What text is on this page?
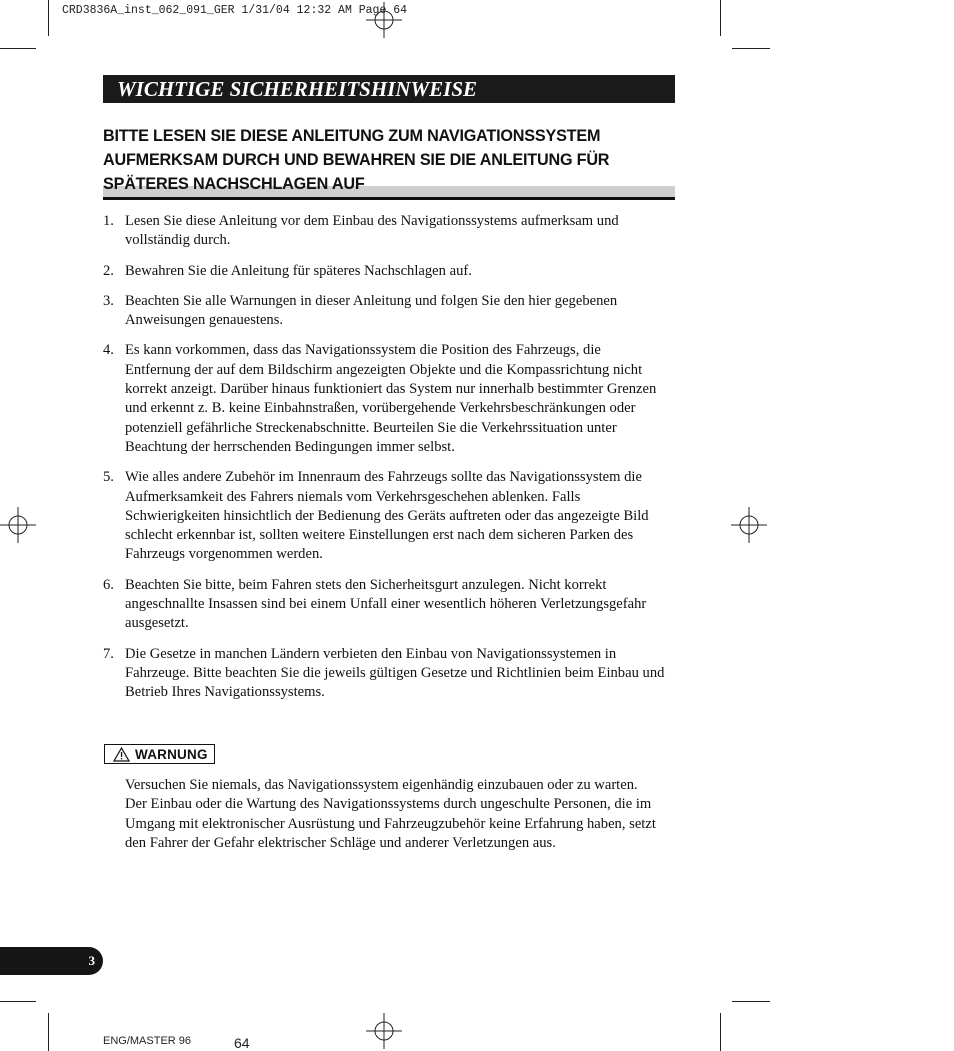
CRD3836A_inst_062_091_GER 1/31/04 12:32 AM Page 64
WICHTIGE SICHERHEITSHINWEISE
BITTE LESEN SIE DIESE ANLEITUNG ZUM NAVIGATIONSSYSTEM AUFMERKSAM DURCH UND BEWAHREN SIE DIE ANLEITUNG FÜR SPÄTERES NACHSCHLAGEN AUF
1. Lesen Sie diese Anleitung vor dem Einbau des Navigationssystems aufmerksam und vollständig durch.
2. Bewahren Sie die Anleitung für späteres Nachschlagen auf.
3. Beachten Sie alle Warnungen in dieser Anleitung und folgen Sie den hier gegebenen Anweisungen genauestens.
4. Es kann vorkommen, dass das Navigationssystem die Position des Fahrzeugs, die Entfernung der auf dem Bildschirm angezeigten Objekte und die Kompassrichtung nicht korrekt anzeigt. Darüber hinaus funktioniert das System nur innerhalb bestimmter Grenzen und erkennt z. B. keine Einbahnstraßen, vorübergehende Verkehrsbeschränkungen oder potenziell gefährliche Streckenabschnitte. Beurteilen Sie die Verkehrssituation unter Beachtung der herrschenden Bedingungen immer selbst.
5. Wie alles andere Zubehör im Innenraum des Fahrzeugs sollte das Navigationssystem die Aufmerksamkeit des Fahrers niemals vom Verkehrsgeschehen ablenken. Falls Schwierigkeiten hinsichtlich der Bedienung des Geräts auftreten oder das angezeigte Bild schlecht erkennbar ist, sollten weitere Einstellungen erst nach dem sicheren Parken des Fahrzeugs vorgenommen werden.
6. Beachten Sie bitte, beim Fahren stets den Sicherheitsgurt anzulegen. Nicht korrekt angeschnallte Insassen sind bei einem Unfall einer wesentlich höheren Verletzungsgefahr ausgesetzt.
7. Die Gesetze in manchen Ländern verbieten den Einbau von Navigationssystemen in Fahrzeuge. Bitte beachten Sie die jeweils gültigen Gesetze und Richtlinien beim Einbau und Betrieb Ihres Navigationssystems.
WARNUNG

Versuchen Sie niemals, das Navigationssystem eigenhändig einzubauen oder zu warten.

Der Einbau oder die Wartung des Navigationssystems durch ungeschulte Personen, die im Umgang mit elektronischer Ausrüstung und Fahrzeugzubehör keine Erfahrung haben, setzt den Fahrer der Gefahr elektrischer Schläge und anderer Verletzungen aus.

3
ENG/MASTER 96	64
